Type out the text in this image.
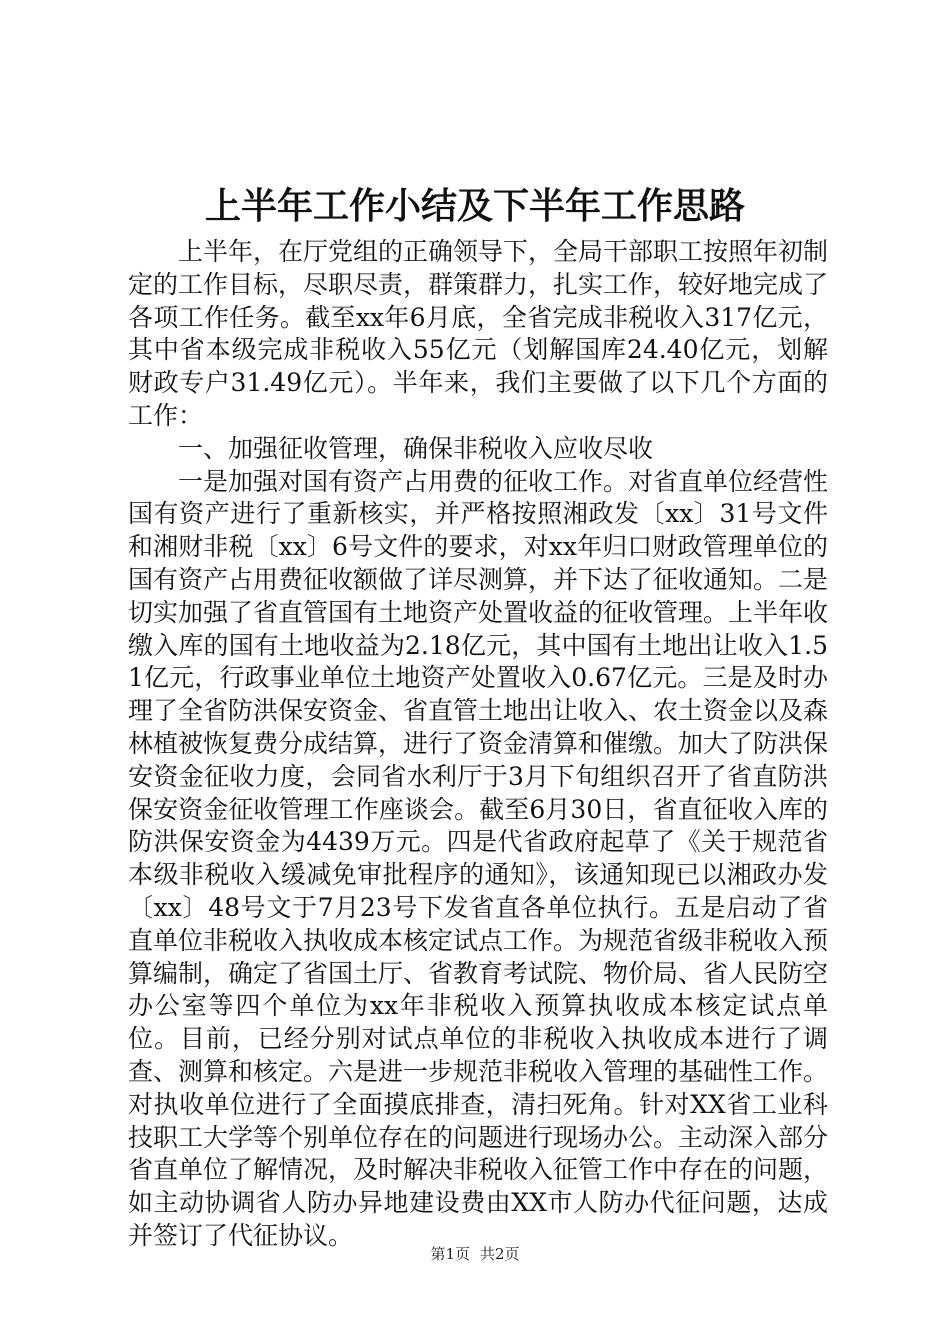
上半年工作小结及下半年工作思路

上半年，在厅党组的正确领导下，全局干部职工按照年初制定的工作目标，尽职尽责，群策群力，扎实工作，较好地完成了各项工作任务。截至xx年6月底，全省完成非税收入317亿元，其中省本级完成非税收入55亿元（划解国库24.40亿元，划解财政专户31.49亿元）。半年来，我们主要做了以下几个方面的工作：

一、加强征收管理，确保非税收入应收尽收

一是加强对国有资产占用费的征收工作。对省直单位经营性国有资产进行了重新核实，并严格按照湘政发〔xx〕31号文件和湘财非税〔xx〕6号文件的要求，对xx年归口财政管理单位的国有资产占用费征收额做了详尽测算，并下达了征收通知。二是切实加强了省直管国有土地资产处置收益的征收管理。上半年收缴入库的国有土地收益为2.18亿元，其中国有土地出让收入1.51亿元，行政事业单位土地资产处置收入0.67亿元。三是及时办理了全省防洪保安资金、省直管土地出让收入、农土资金以及森林植被恢复费分成结算，进行了资金清算和催缴。加大了防洪保安资金征收力度，会同省水利厅于3月下旬组织召开了省直防洪保安资金征收管理工作座谈会。截至6月30日，省直征收入库的防洪保安资金为4439万元。四是代省政府起草了《关于规范省本级非税收入缓减免审批程序的通知》，该通知现已以湘政办发〔xx〕48号文于7月23号下发省直各单位执行。五是启动了省直单位非税收入执收成本核定试点工作。为规范省级非税收入预算编制，确定了省国土厅、省教育考试院、物价局、省人民防空办公室等四个单位为xx年非税收入预算执收成本核定试点单位。目前，已经分别对试点单位的非税收入执收成本进行了调查、测算和核定。六是进一步规范非税收入管理的基础性工作。对执收单位进行了全面摸底排查，清扫死角。针对XX省工业科技职工大学等个别单位存在的问题进行现场办公。主动深入部分省直单位了解情况，及时解决非税收入征管工作中存在的问题，如主动协调省人防办异地建设费由XX市人防办代征问题，达成并签订了代征协议。

第1页 共2页
